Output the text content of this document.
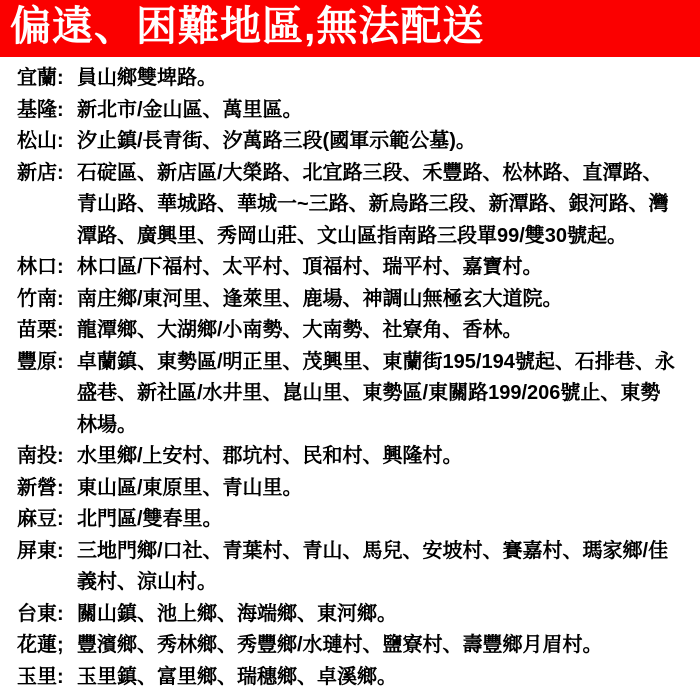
偏遠、困難地區,無法配送
宜蘭: 員山鄉雙埤路。
基隆: 新北市/金山區、萬里區。
松山: 汐止鎮/長青街、汐萬路三段(國軍示範公墓)。
新店: 石碇區、新店區/大榮路、北宜路三段、禾豐路、松林路、直潭路、
青山路、華城路、華城一~三路、新烏路三段、新潭路、銀河路、灣
潭路、廣興里、秀岡山莊、文山區指南路三段單99/雙30號起。
林口: 林口區/下福村、太平村、頂福村、瑞平村、嘉寶村。
竹南: 南庄鄉/東河里、逢萊里、鹿場、神調山無極玄大道院。
苗栗: 龍潭鄉、大湖鄉/小南勢、大南勢、社寮角、香林。
豐原: 卓蘭鎮、東勢區/明正里、茂興里、東蘭街195/194號起、石排巷、永
盛巷、新社區/水井里、崑山里、東勢區/東關路199/206號止、東勢
林場。
南投: 水里鄉/上安村、郡坑村、民和村、興隆村。
新營: 東山區/東原里、青山里。
麻豆: 北門區/雙春里。
屏東: 三地門鄉/口社、青葉村、青山、馬兒、安坡村、賽嘉村、瑪家鄉/佳
義村、涼山村。
台東: 關山鎮、池上鄉、海端鄉、東河鄉。
花蓮; 豐濱鄉、秀林鄉、秀豐鄉/水璉村、鹽寮村、壽豐鄉月眉村。
玉里: 玉里鎮、富里鄉、瑞穗鄉、卓溪鄉。
